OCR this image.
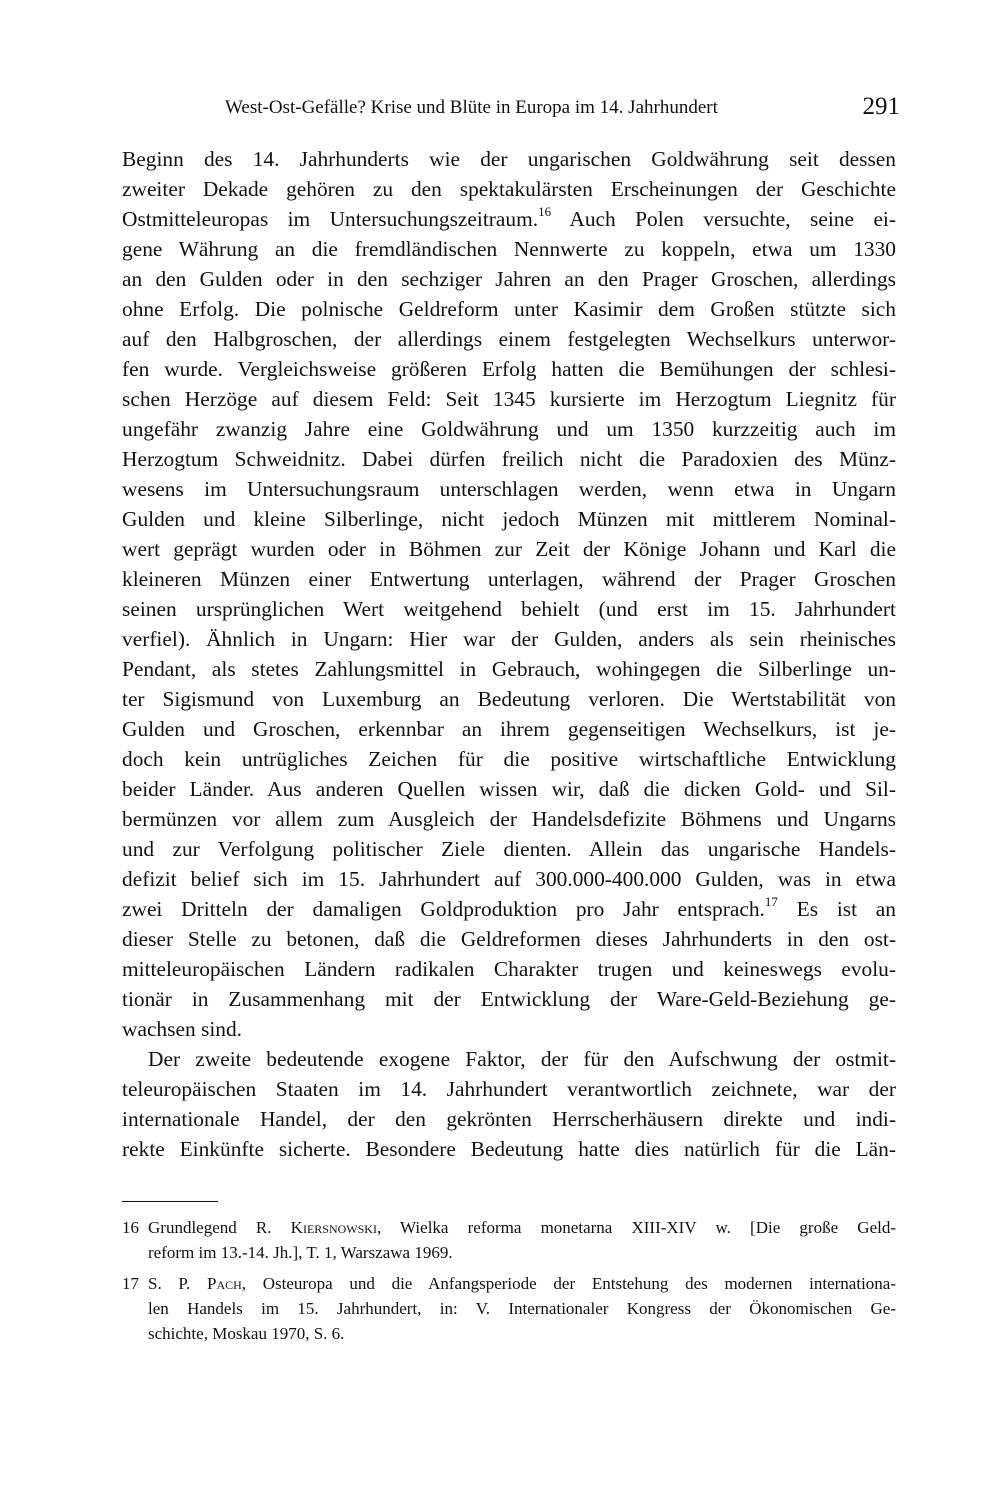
West-Ost-Gefälle? Krise und Blüte in Europa im 14. Jahrhundert	291
Beginn des 14. Jahrhunderts wie der ungarischen Goldwährung seit dessen
zweiter Dekade gehören zu den spektakulärsten Erscheinungen der Geschichte
Ostmitteleuropas im Untersuchungszeitraum.$^{16}$ Auch Polen versuchte, seine ei-
gene Währung an die fremdländischen Nennwerte zu koppeln, etwa um 1330
an den Gulden oder in den sechziger Jahren an den Prager Groschen, allerdings
ohne Erfolg. Die polnische Geldreform unter Kasimir dem Großen stützte sich
auf den Halbgroschen, der allerdings einem festgelegten Wechselkurs unterwor-
fen wurde. Vergleichsweise größeren Erfolg hatten die Bemühungen der schlesi-
schen Herzöge auf diesem Feld: Seit 1345 kursierte im Herzogtum Liegnitz für
ungefähr zwanzig Jahre eine Goldwährung und um 1350 kurzzeitig auch im
Herzogtum Schweidnitz. Dabei dürfen freilich nicht die Paradoxien des Münz-
wesens im Untersuchungsraum unterschlagen werden, wenn etwa in Ungarn
Gulden und kleine Silberlinge, nicht jedoch Münzen mit mittlerem Nominal-
wert geprägt wurden oder in Böhmen zur Zeit der Könige Johann und Karl die
kleineren Münzen einer Entwertung unterlagen, während der Prager Groschen
seinen ursprünglichen Wert weitgehend behielt (und erst im 15. Jahrhundert
verfiel). Ähnlich in Ungarn: Hier war der Gulden, anders als sein rheinisches
Pendant, als stetes Zahlungsmittel in Gebrauch, wohingegen die Silberlinge un-
ter Sigismund von Luxemburg an Bedeutung verloren. Die Wertstabilität von
Gulden und Groschen, erkennbar an ihrem gegenseitigen Wechselkurs, ist je-
doch kein untrügliches Zeichen für die positive wirtschaftliche Entwicklung
beider Länder. Aus anderen Quellen wissen wir, daß die dicken Gold- und Sil-
bermünzen vor allem zum Ausgleich der Handelsdefizite Böhmens und Ungarns
und zur Verfolgung politischer Ziele dienten. Allein das ungarische Handels-
defizit belief sich im 15. Jahrhundert auf 300.000-400.000 Gulden, was in etwa
zwei Dritteln der damaligen Goldproduktion pro Jahr entsprach.$^{17}$ Es ist an
dieser Stelle zu betonen, daß die Geldreformen dieses Jahrhunderts in den ost-
mitteleuropäischen Ländern radikalen Charakter trugen und keineswegs evolu-
tionär in Zusammenhang mit der Entwicklung der Ware-Geld-Beziehung ge-
wachsen sind.
Der zweite bedeutende exogene Faktor, der für den Aufschwung der ostmit-
teleuropäischen Staaten im 14. Jahrhundert verantwortlich zeichnete, war der
internationale Handel, der den gekrönten Herrscherhäusern direkte und indi-
rekte Einkünfte sicherte. Besondere Bedeutung hatte dies natürlich für die Län-
16 Grundlegend R. Kiersnowski, Wielka reforma monetarna XIII-XIV w. [Die große Geld-
reform im 13.-14. Jh.], T. 1, Warszawa 1969.
17 S. P. Pach, Osteuropa und die Anfangsperiode der Entstehung des modernen internationa-
len Handels im 15. Jahrhundert, in: V. Internationaler Kongress der Ökonomischen Ge-
schichte, Moskau 1970, S. 6.
